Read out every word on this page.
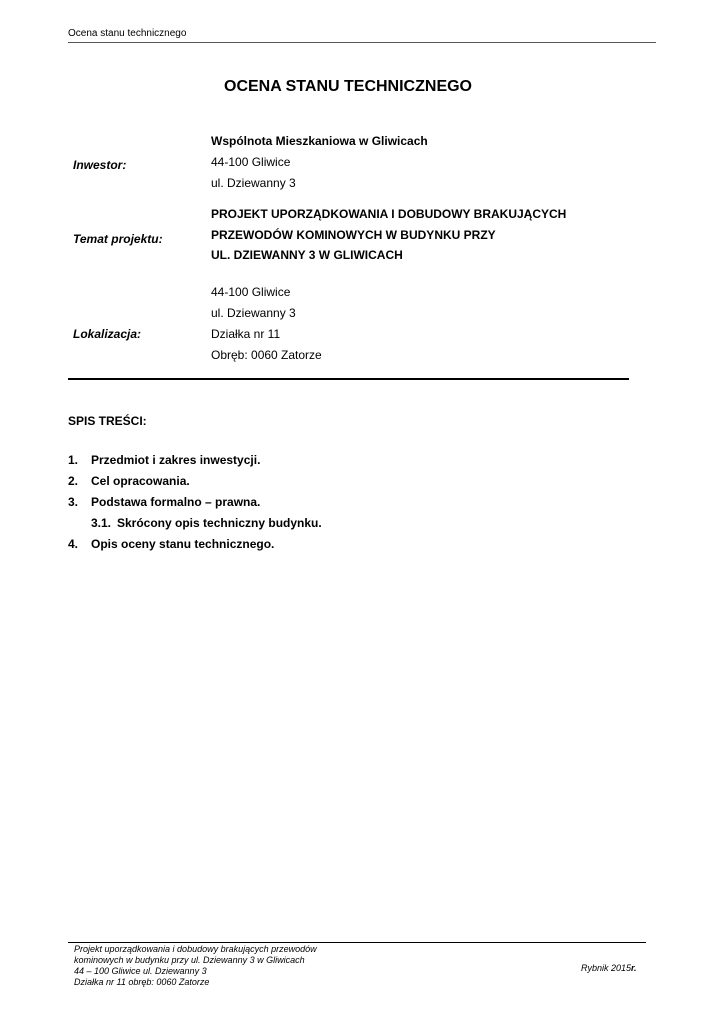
Ocena stanu technicznego
OCENA STANU TECHNICZNEGO
Inwestor:
Wspólnota Mieszkaniowa w Gliwicach
44-100 Gliwice
ul. Dziewanny 3
Temat projektu:
PROJEKT UPORZĄDKOWANIA I DOBUDOWY BRAKUJĄCYCH
PRZEWODÓW KOMINOWYCH W BUDYNKU PRZY
UL. DZIEWANNY 3 W GLIWICACH
Lokalizacja:
44-100 Gliwice
ul. Dziewanny 3
Działka nr 11
Obręb: 0060 Zatorze
SPIS TREŚCI:
1. Przedmiot i zakres inwestycji.
2. Cel opracowania.
3. Podstawa formalno – prawna.
3.1. Skrócony opis techniczny budynku.
4. Opis oceny stanu technicznego.
Projekt uporządkowania i dobudowy brakujących przewodów
kominowych w budynku przy ul. Dziewanny 3 w Gliwicach
44 – 100 Gliwice ul. Dziewanny 3
Działka nr 11 obręb: 0060 Zatorze
Rybnik 2015r.
